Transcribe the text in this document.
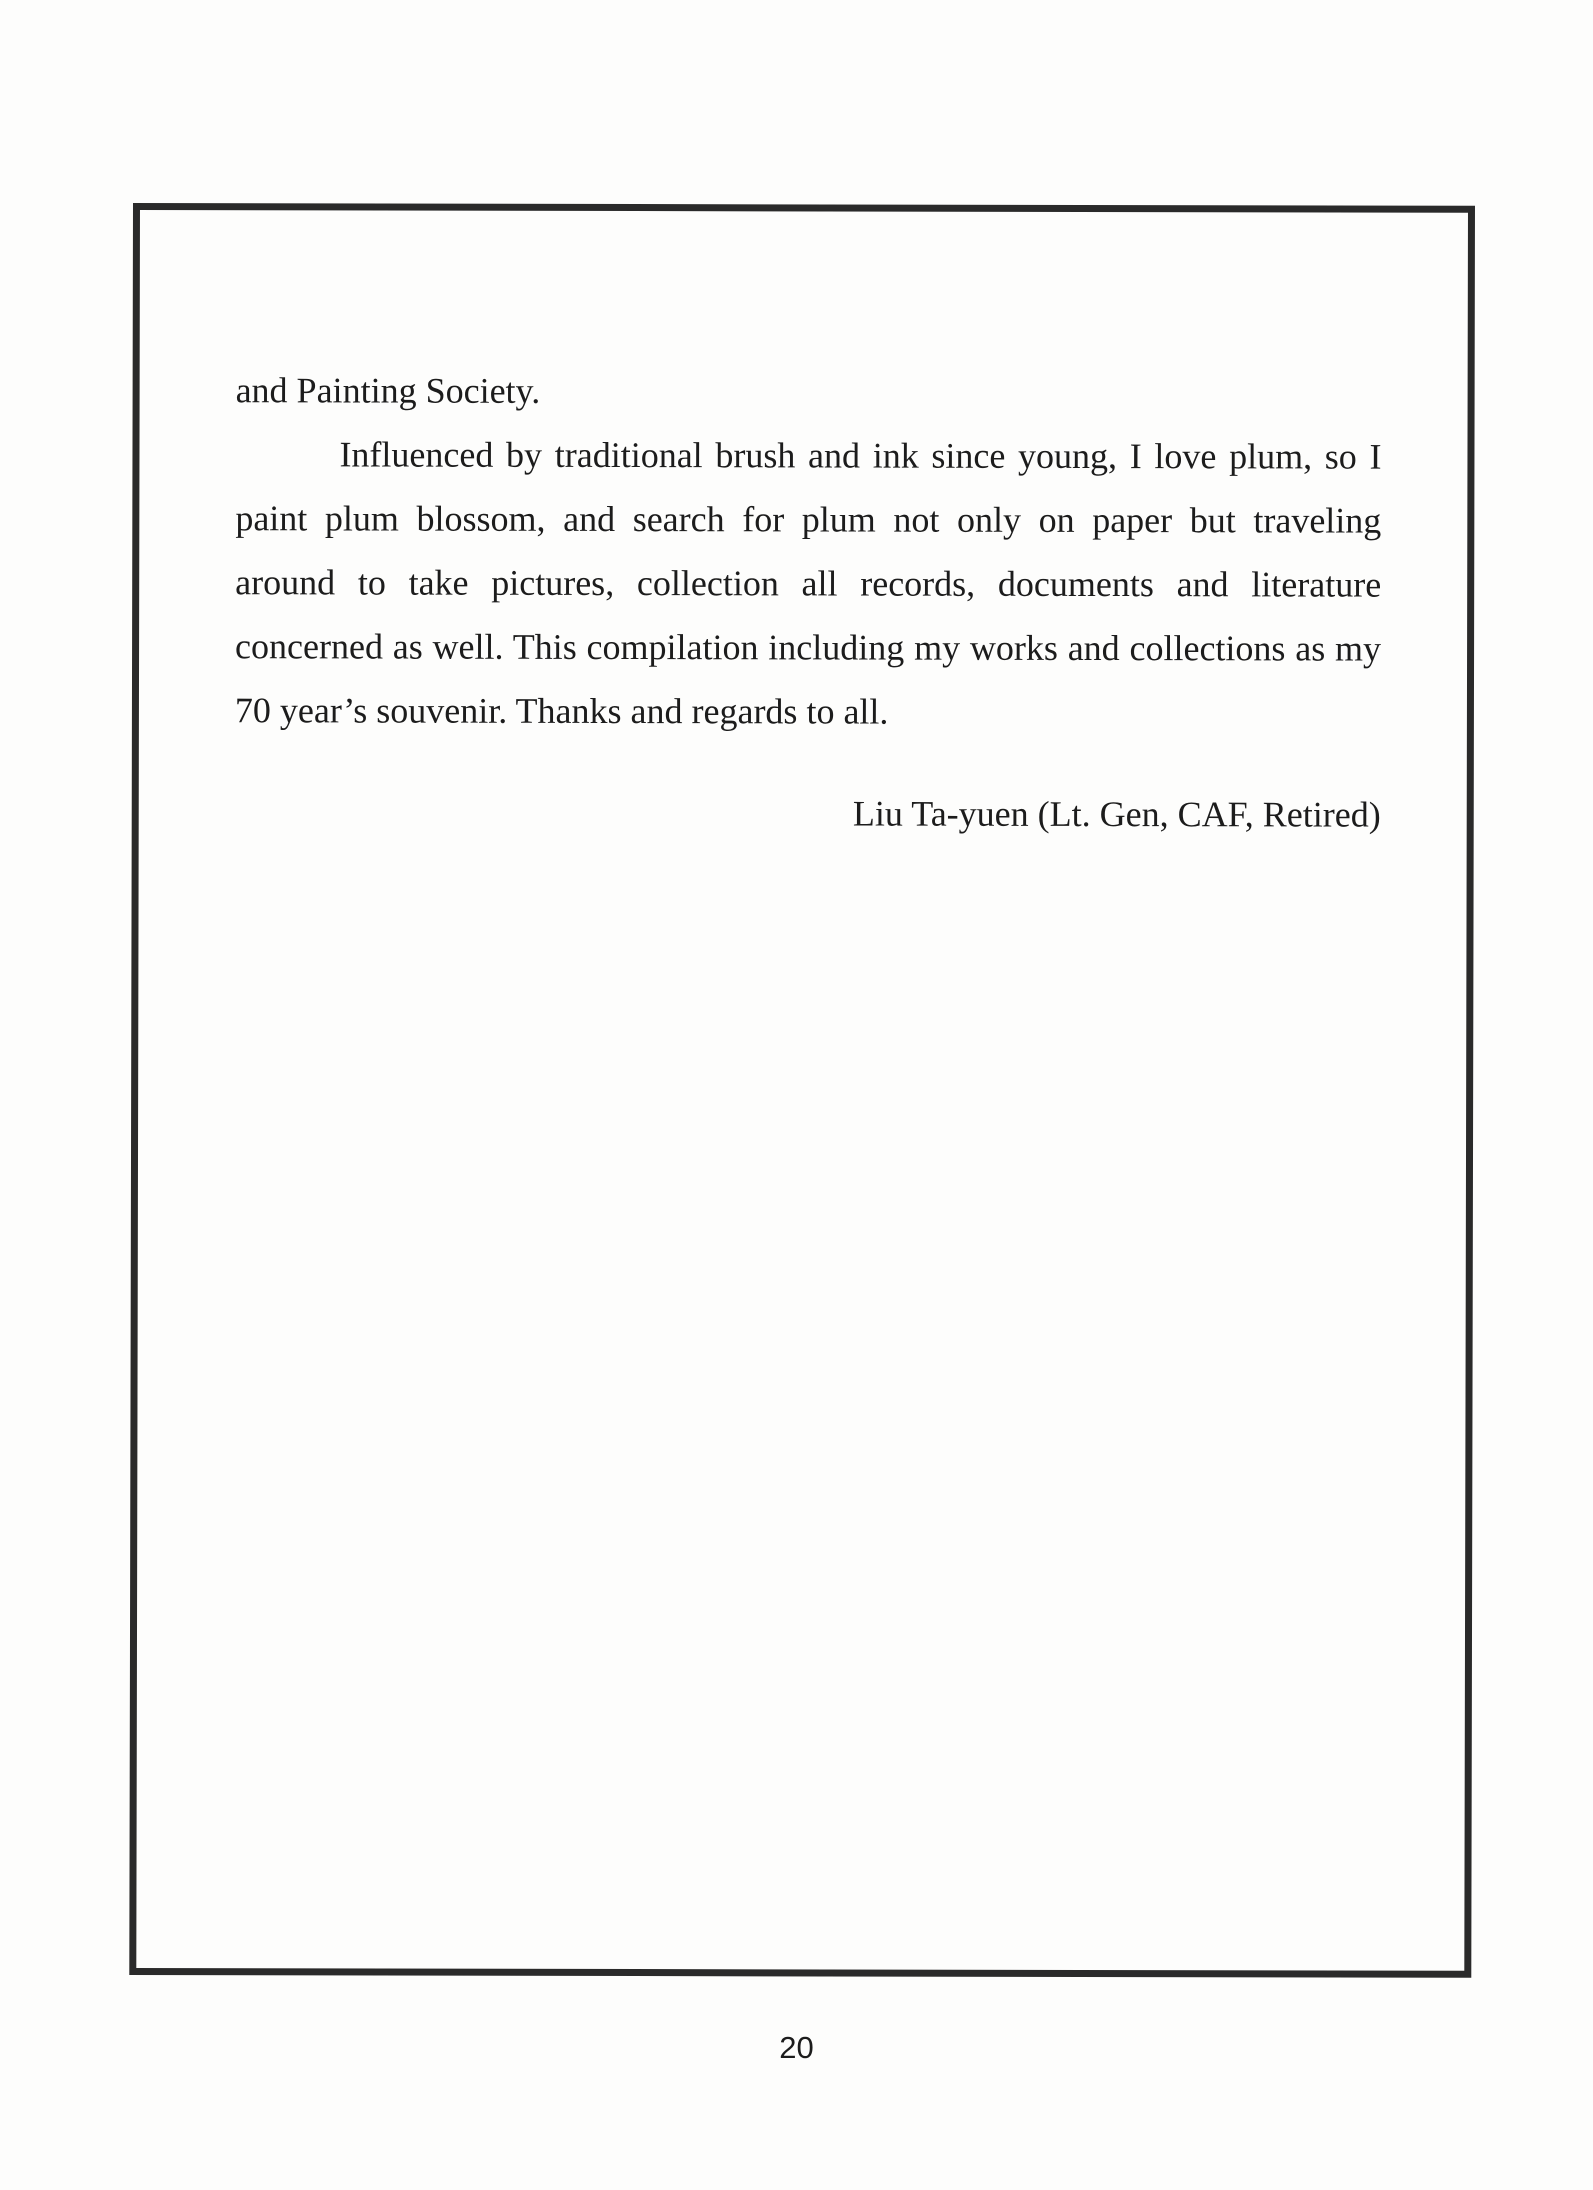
and Painting Society.

Influenced by traditional brush and ink since young, I love plum, so I paint plum blossom, and search for plum not only on paper but traveling around to take pictures, collection all records, documents and literature concerned as well. This compilation including my works and collections as my 70 year’s souvenir. Thanks and regards to all.

Liu Ta-yuen (Lt. Gen, CAF, Retired)

20
